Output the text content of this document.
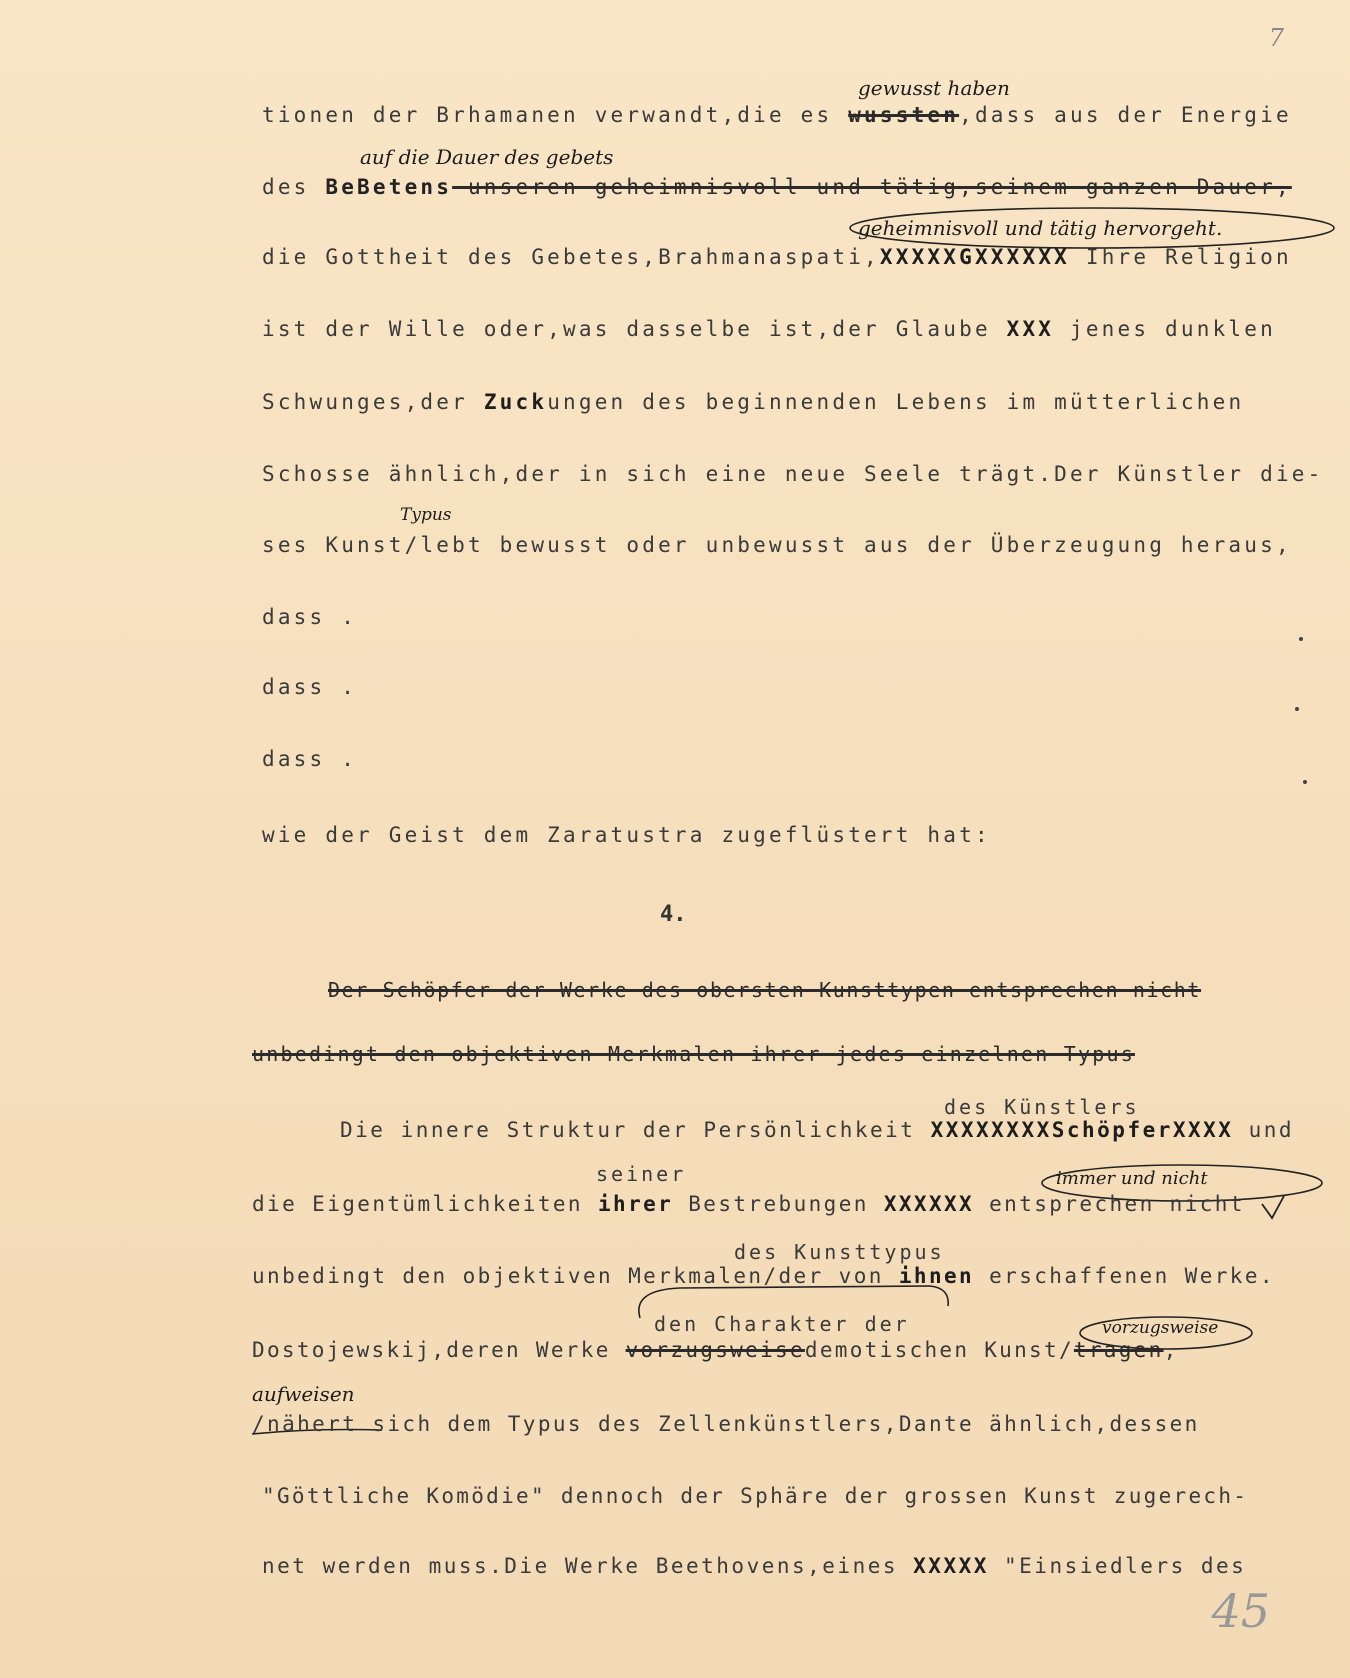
7
gewusst haben
tionen der Brhamanen verwandt,die es wussten,dass aus der Energie
auf die Dauer des gebets
des BeBetens unseren geheimnisvoll und tätig,seinem ganzen Dauer,
geheimnisvoll und tätig hervorgeht.
die Gottheit des Gebetes,Brahmanaspati,XXXXXGXXXXXX Ihre Religion
ist der Wille oder,was dasselbe ist,der Glaube XXX jenes dunklen
Schwunges,der Zuckungen des beginnenden Lebens im mütterlichen
Schosse ähnlich,der in sich eine neue Seele trägt.Der Künstler die-
Typus
ses Kunst/lebt bewusst oder unbewusst aus der Überzeugung heraus,
dass .
dass .
dass .
wie der Geist dem Zaratustra zugeflüstert hat:
4.
Der Schöpfer der Werke des obersten Kunsttypen entsprechen nicht
unbedingt den objektiven Merkmalen ihrer jedes einzelnen Typus
des Künstlers
Die innere Struktur der Persönlichkeit XXXXXXXXSchöpferXXXX und
seiner	immer und nicht
die Eigentümlichkeiten ihrer Bestrebungen XXXXXX entsprechen nicht
des Kunsttypus
unbedingt den objektiven Merkmalen/der von ihnen erschaffenen Werke.
den Charakter der	vorzugsweise
Dostojewskij,deren Werke vorzugsweisedemotischen Kunst/tragen,
aufweisen
/nähert sich dem Typus des Zellenkünstlers,Dante ähnlich,dessen
"Göttliche Komödie" dennoch der Sphäre der grossen Kunst zugerech-
net werden muss.Die Werke Beethovens,eines XXXXX "Einsiedlers des
45
